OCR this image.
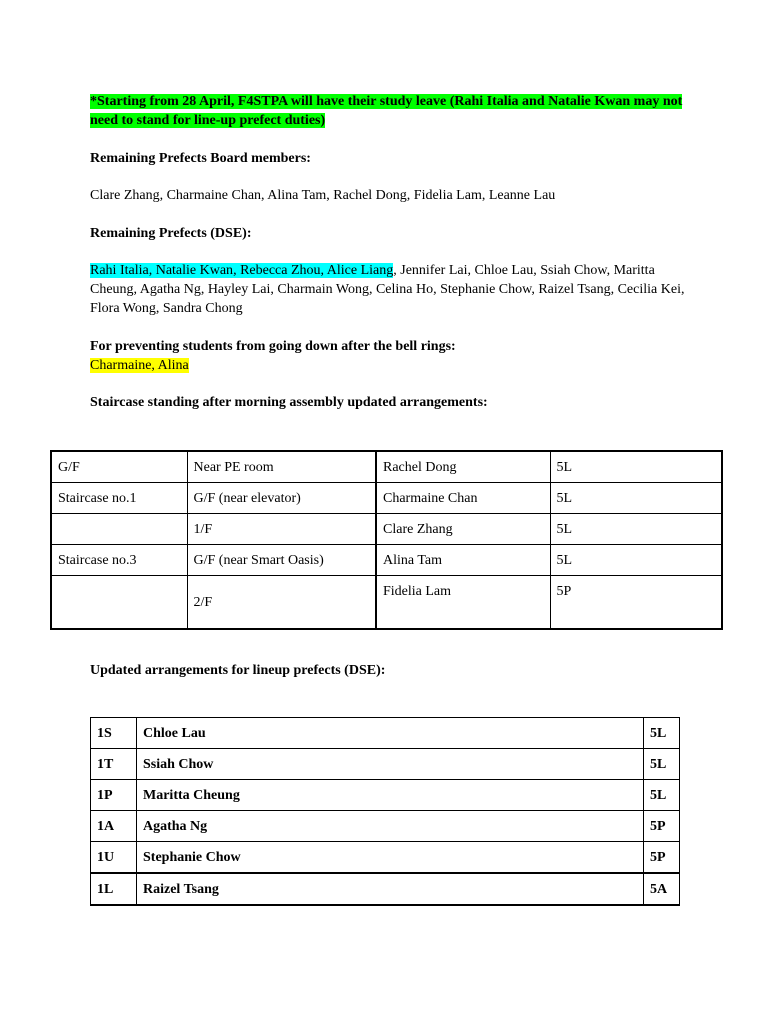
*Starting from 28 April, F4STPA will have their study leave (Rahi Italia and Natalie Kwan may not need to stand for line-up prefect duties)
Remaining Prefects Board members:
Clare Zhang, Charmaine Chan, Alina Tam, Rachel Dong, Fidelia Lam, Leanne Lau
Remaining Prefects (DSE):
Rahi Italia, Natalie Kwan, Rebecca Zhou, Alice Liang, Jennifer Lai, Chloe Lau, Ssiah Chow, Maritta Cheung, Agatha Ng, Hayley Lai, Charmain Wong, Celina Ho, Stephanie Chow, Raizel Tsang, Cecilia Kei, Flora Wong, Sandra Chong
For preventing students from going down after the bell rings:
Charmaine, Alina
Staircase standing after morning assembly updated arrangements:
G/F	Near PE room	Rachel Dong	5L
Staircase no.1	G/F (near elevator)	Charmaine Chan	5L
	1/F	Clare Zhang	5L
Staircase no.3	G/F (near Smart Oasis)	Alina Tam	5L
	2/F	Fidelia Lam	5P
Updated arrangements for lineup prefects (DSE):
1S	Chloe Lau	5L
1T	Ssiah Chow	5L
1P	Maritta Cheung	5L
1A	Agatha Ng	5P
1U	Stephanie Chow	5P
1L	Raizel Tsang	5A
